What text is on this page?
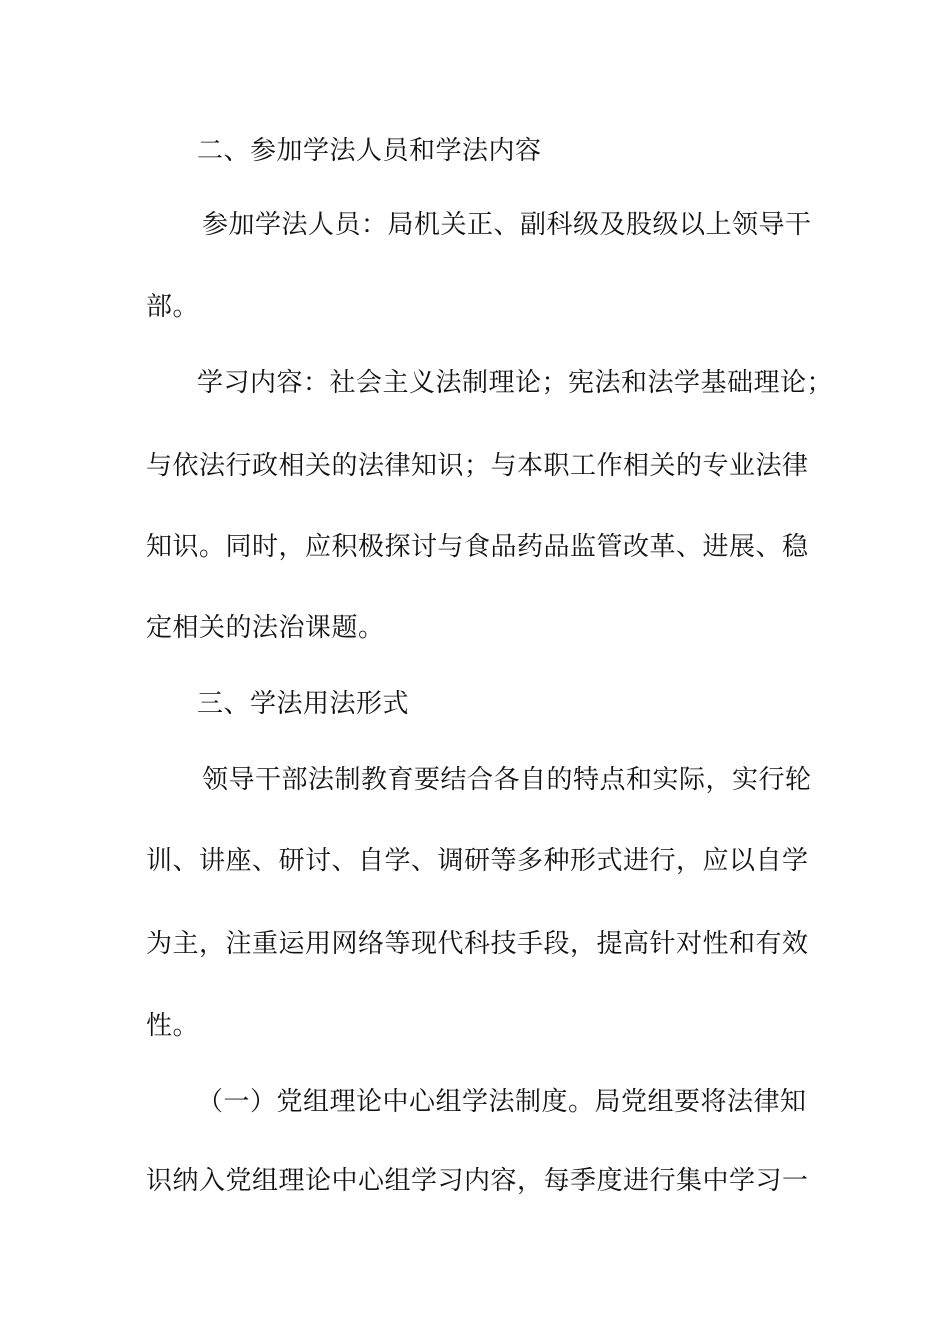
二、参加学法人员和学法内容
参加学法人员：局机关正、副科级及股级以上领导干
部。
学习内容：社会主义法制理论；宪法和法学基础理论；
与依法行政相关的法律知识；与本职工作相关的专业法律
知识。同时，应积极探讨与食品药品监管改革、进展、稳
定相关的法治课题。
三、学法用法形式
领导干部法制教育要结合各自的特点和实际，实行轮
训、讲座、研讨、自学、调研等多种形式进行，应以自学
为主，注重运用网络等现代科技手段，提高针对性和有效
性。
（一）党组理论中心组学法制度。局党组要将法律知
识纳入党组理论中心组学习内容，每季度进行集中学习一
